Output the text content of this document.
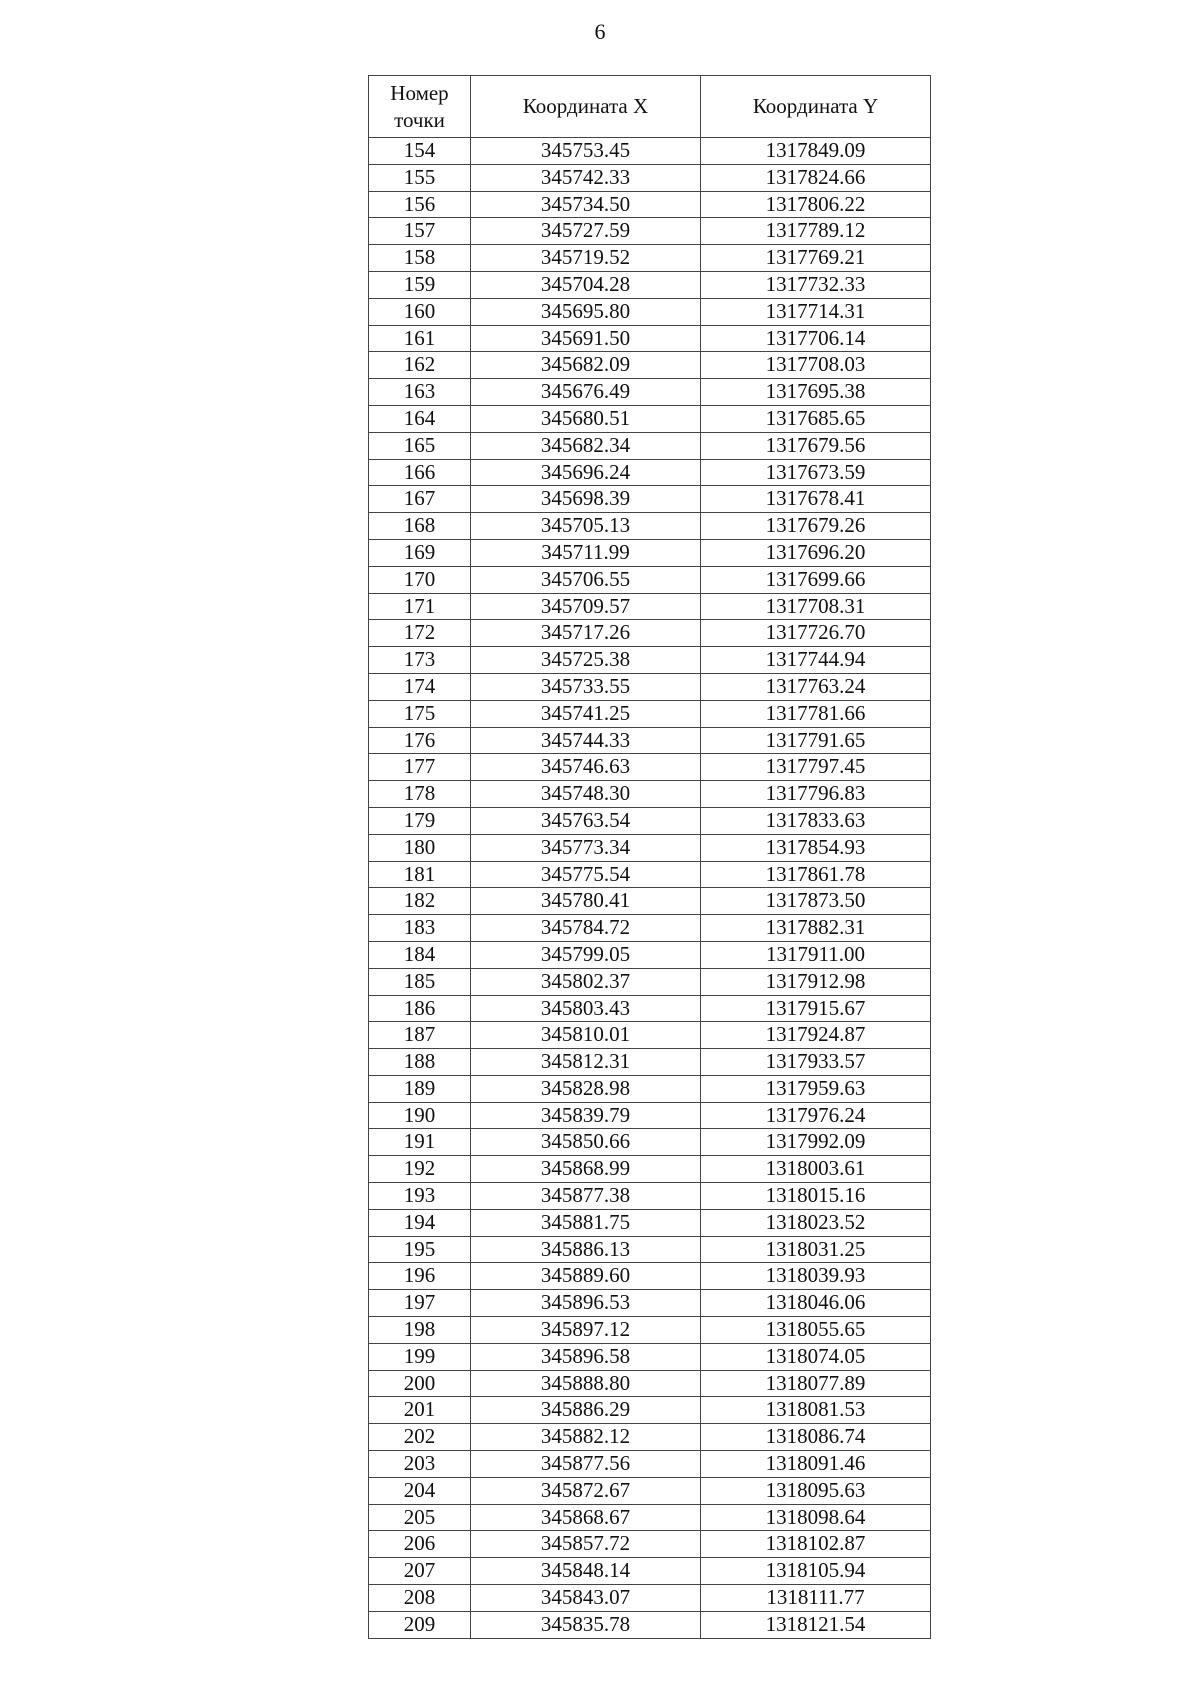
6
Номер
точки	Координата X	Координата Y
154	345753.45	1317849.09
155	345742.33	1317824.66
156	345734.50	1317806.22
157	345727.59	1317789.12
158	345719.52	1317769.21
159	345704.28	1317732.33
160	345695.80	1317714.31
161	345691.50	1317706.14
162	345682.09	1317708.03
163	345676.49	1317695.38
164	345680.51	1317685.65
165	345682.34	1317679.56
166	345696.24	1317673.59
167	345698.39	1317678.41
168	345705.13	1317679.26
169	345711.99	1317696.20
170	345706.55	1317699.66
171	345709.57	1317708.31
172	345717.26	1317726.70
173	345725.38	1317744.94
174	345733.55	1317763.24
175	345741.25	1317781.66
176	345744.33	1317791.65
177	345746.63	1317797.45
178	345748.30	1317796.83
179	345763.54	1317833.63
180	345773.34	1317854.93
181	345775.54	1317861.78
182	345780.41	1317873.50
183	345784.72	1317882.31
184	345799.05	1317911.00
185	345802.37	1317912.98
186	345803.43	1317915.67
187	345810.01	1317924.87
188	345812.31	1317933.57
189	345828.98	1317959.63
190	345839.79	1317976.24
191	345850.66	1317992.09
192	345868.99	1318003.61
193	345877.38	1318015.16
194	345881.75	1318023.52
195	345886.13	1318031.25
196	345889.60	1318039.93
197	345896.53	1318046.06
198	345897.12	1318055.65
199	345896.58	1318074.05
200	345888.80	1318077.89
201	345886.29	1318081.53
202	345882.12	1318086.74
203	345877.56	1318091.46
204	345872.67	1318095.63
205	345868.67	1318098.64
206	345857.72	1318102.87
207	345848.14	1318105.94
208	345843.07	1318111.77
209	345835.78	1318121.54
